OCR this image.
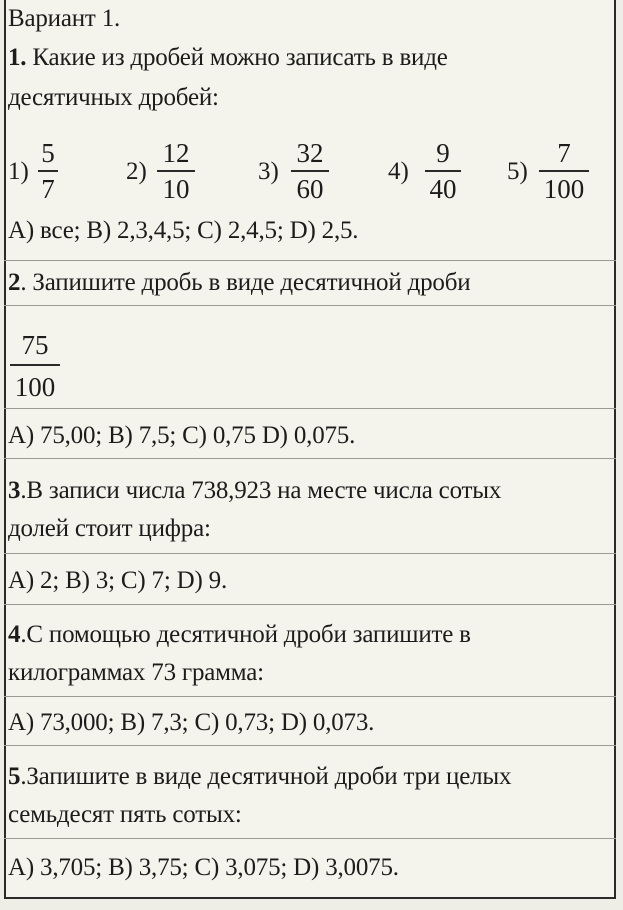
Вариант 1.
1. Какие из дробей можно записать в виде
десятичных дробей:
1)
5
7
2)
12
10
3)
32
60
4)
9
40
5)
7
100
А) все; В) 2,3,4,5; С) 2,4,5; D) 2,5.
2. Запишите дробь в виде десятичной дроби
75
100
А) 75,00; В) 7,5; С) 0,75 D) 0,075.
3.В записи числа 738,923 на месте числа сотых
долей стоит цифра:
А) 2; В) 3; С) 7; D) 9.
4.С помощью десятичной дроби запишите в
килограммах 73 грамма:
А) 73,000; В) 7,3; С) 0,73; D) 0,073.
5.Запишите в виде десятичной дроби три целых
семьдесят пять сотых:
А) 3,705; В) 3,75; С) 3,075; D) 3,0075.
